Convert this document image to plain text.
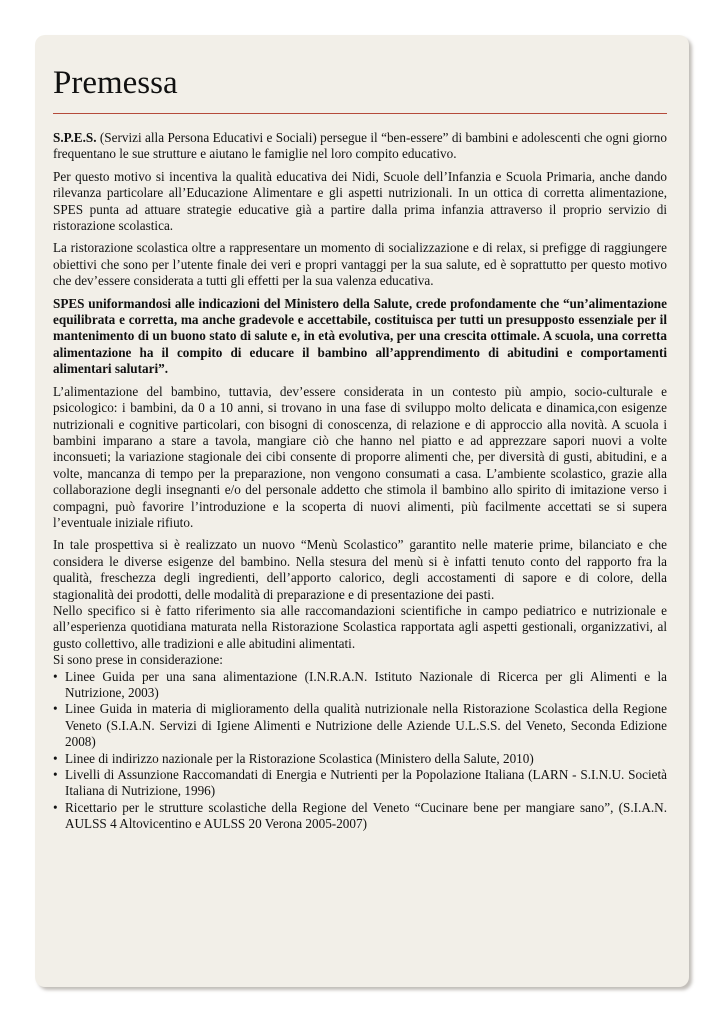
Premessa

S.P.E.S. (Servizi alla Persona Educativi e Sociali) persegue il “ben-essere” di bambini e adolescenti che ogni giorno frequentano le sue strutture e aiutano le famiglie nel loro compito educativo.

Per questo motivo si incentiva la qualità educativa dei Nidi, Scuole dell’Infanzia e Scuola Primaria, anche dando rilevanza particolare all’Educazione Alimentare e gli aspetti nutrizionali. In un ottica di corretta alimentazione, SPES punta ad attuare strategie educative già a partire dalla prima infanzia attraverso il proprio servizio di ristorazione scolastica.

La ristorazione scolastica oltre a rappresentare un momento di socializzazione e di relax, si prefigge di raggiungere obiettivi che sono per l’utente finale dei veri e propri vantaggi per la sua salute, ed è soprattutto per questo motivo che dev’essere considerata a tutti gli effetti per la sua valenza educativa.

SPES uniformandosi alle indicazioni del Ministero della Salute, crede profondamente che “un’alimentazione equilibrata e corretta, ma anche gradevole e accettabile, costituisca per tutti un presupposto essenziale per il mantenimento di un buono stato di salute e, in età evolutiva, per una crescita ottimale. A scuola, una corretta alimentazione ha il compito di educare il bambino all’apprendimento di abitudini e comportamenti alimentari salutari”.

L’alimentazione del bambino, tuttavia, dev’essere considerata in un contesto più ampio, socio-culturale e psicologico: i bambini, da 0 a 10 anni, si trovano in una fase di sviluppo molto delicata e dinamica,con esigenze nutrizionali e cognitive particolari, con bisogni di conoscenza, di relazione e di approccio alla novità. A scuola i bambini imparano a stare a tavola, mangiare ciò che hanno nel piatto e ad apprezzare sapori nuovi a volte inconsueti; la variazione stagionale dei cibi consente di proporre alimenti che, per diversità di gusti, abitudini, e a volte, mancanza di tempo per la preparazione, non vengono consumati a casa. L’ambiente scolastico, grazie alla collaborazione degli insegnanti e/o del personale addetto che stimola il bambino allo spirito di imitazione verso i compagni, può favorire l’introduzione e la scoperta di nuovi alimenti, più facilmente accettati se si supera l’eventuale iniziale rifiuto.

In tale prospettiva si è realizzato un nuovo “Menù Scolastico” garantito nelle materie prime, bilanciato e che considera le diverse esigenze del bambino. Nella stesura del menù si è infatti tenuto conto del rapporto fra la qualità, freschezza degli ingredienti, dell’apporto calorico, degli accostamenti di sapore e di colore, della stagionalità dei prodotti, delle modalità di preparazione e di presentazione dei pasti.

Nello specifico si è fatto riferimento sia alle raccomandazioni scientifiche in campo pediatrico e nutrizionale e all’esperienza quotidiana maturata nella Ristorazione Scolastica rapportata agli aspetti gestionali, organizzativi, al gusto collettivo, alle tradizioni e alle abitudini alimentati.

Si sono prese in considerazione:

• Linee Guida per una sana alimentazione (I.N.R.A.N. Istituto Nazionale di Ricerca per gli Alimenti e la Nutrizione, 2003)
• Linee Guida in materia di miglioramento della qualità nutrizionale nella Ristorazione Scolastica della Regione Veneto (S.I.A.N. Servizi di Igiene Alimenti e Nutrizione delle Aziende U.L.S.S. del Veneto, Seconda Edizione 2008)
• Linee di indirizzo nazionale per la Ristorazione Scolastica (Ministero della Salute, 2010)
• Livelli di Assunzione Raccomandati di Energia e Nutrienti per la Popolazione Italiana (LARN - S.I.N.U. Società Italiana di Nutrizione, 1996)
• Ricettario per le strutture scolastiche della Regione del Veneto “Cucinare bene per mangiare sano”, (S.I.A.N. AULSS 4 Altovicentino e AULSS 20 Verona 2005-2007)
